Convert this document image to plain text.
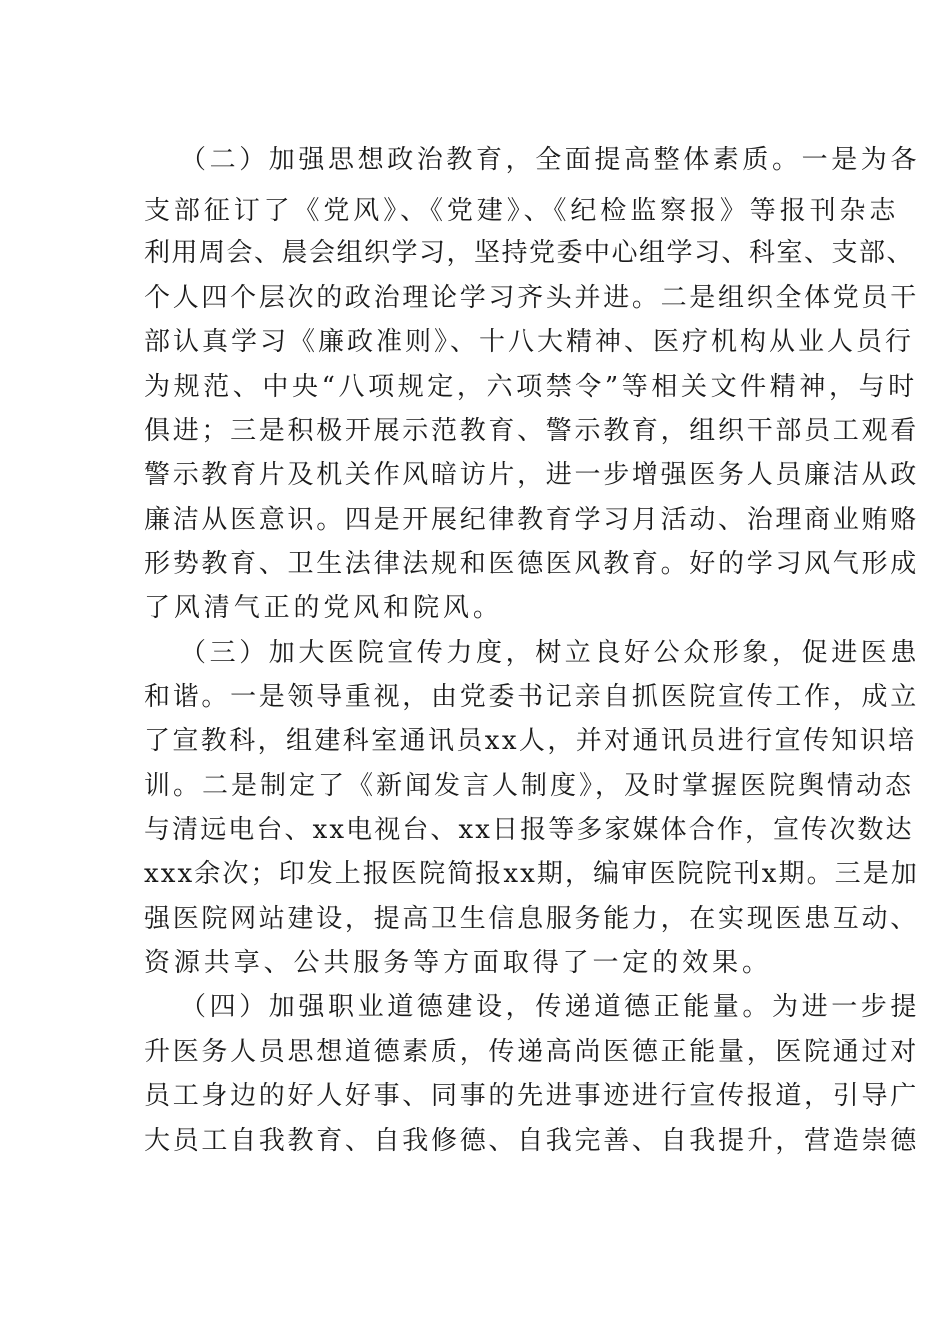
（二）加强思想政治教育，全面提高整体素质。一是为各
支部征订了《党风》、《党建》、《纪检监察报》等报刊杂志
利用周会、晨会组织学习，坚持党委中心组学习、科室、支部、
个人四个层次的政治理论学习齐头并进。二是组织全体党员干
部认真学习《廉政准则》、十八大精神、医疗机构从业人员行
为规范、中央“八项规定，六项禁令”等相关文件精神，与时
俱进；三是积极开展示范教育、警示教育，组织干部员工观看
警示教育片及机关作风暗访片，进一步增强医务人员廉洁从政
廉洁从医意识。四是开展纪律教育学习月活动、治理商业贿赂
形势教育、卫生法律法规和医德医风教育。好的学习风气形成
了风清气正的党风和院风。
（三）加大医院宣传力度，树立良好公众形象，促进医患
和谐。一是领导重视，由党委书记亲自抓医院宣传工作，成立
了宣教科，组建科室通讯员xx人，并对通讯员进行宣传知识培
训。二是制定了《新闻发言人制度》，及时掌握医院舆情动态
与清远电台、xx电视台、xx日报等多家媒体合作，宣传次数达
xxx余次；印发上报医院简报xx期，编审医院院刊x期。三是加
强医院网站建设，提高卫生信息服务能力，在实现医患互动、
资源共享、公共服务等方面取得了一定的效果。
（四）加强职业道德建设，传递道德正能量。为进一步提
升医务人员思想道德素质，传递高尚医德正能量，医院通过对
员工身边的好人好事、同事的先进事迹进行宣传报道，引导广
大员工自我教育、自我修德、自我完善、自我提升，营造崇德
